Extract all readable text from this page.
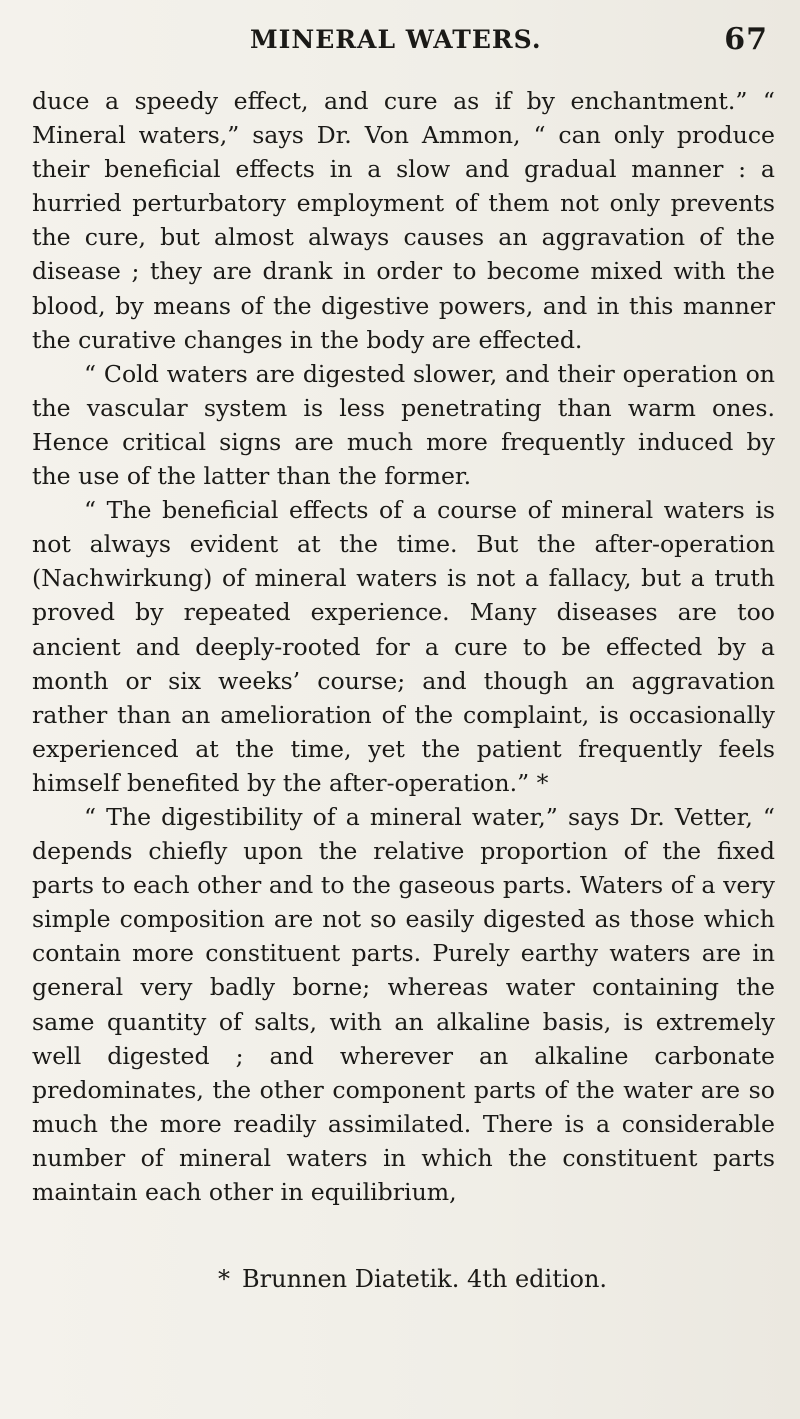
MINERAL WATERS.	67

duce a speedy effect, and cure as if by enchantment.” “ Mineral waters,” says Dr. Von Ammon, “ can only produce their beneficial effects in a slow and gradual manner : a hurried perturbatory employment of them not only prevents the cure, but almost always causes an aggravation of the disease ; they are drank in order to become mixed with the blood, by means of the digestive powers, and in this manner the curative changes in the body are effected.

“ Cold waters are digested slower, and their operation on the vascular system is less penetrating than warm ones. Hence critical signs are much more frequently induced by the use of the latter than the former.

“ The beneficial effects of a course of mineral waters is not always evident at the time. But the after-operation (Nachwirkung) of mineral waters is not a fallacy, but a truth proved by repeated experience. Many diseases are too ancient and deeply-rooted for a cure to be effected by a month or six weeks’ course; and though an aggravation rather than an amelioration of the complaint, is occasionally experienced at the time, yet the patient frequently feels himself benefited by the after-operation.” *

“ The digestibility of a mineral water,” says Dr. Vetter, “ depends chiefly upon the relative proportion of the fixed parts to each other and to the gaseous parts. Waters of a very simple composition are not so easily digested as those which contain more constituent parts. Purely earthy waters are in general very badly borne; whereas water containing the same quantity of salts, with an alkaline basis, is extremely well digested ; and wherever an alkaline carbonate predominates, the other component parts of the water are so much the more readily assimilated. There is a considerable number of mineral waters in which the constituent parts maintain each other in equilibrium,

* Brunnen Diatetik. 4th edition.
